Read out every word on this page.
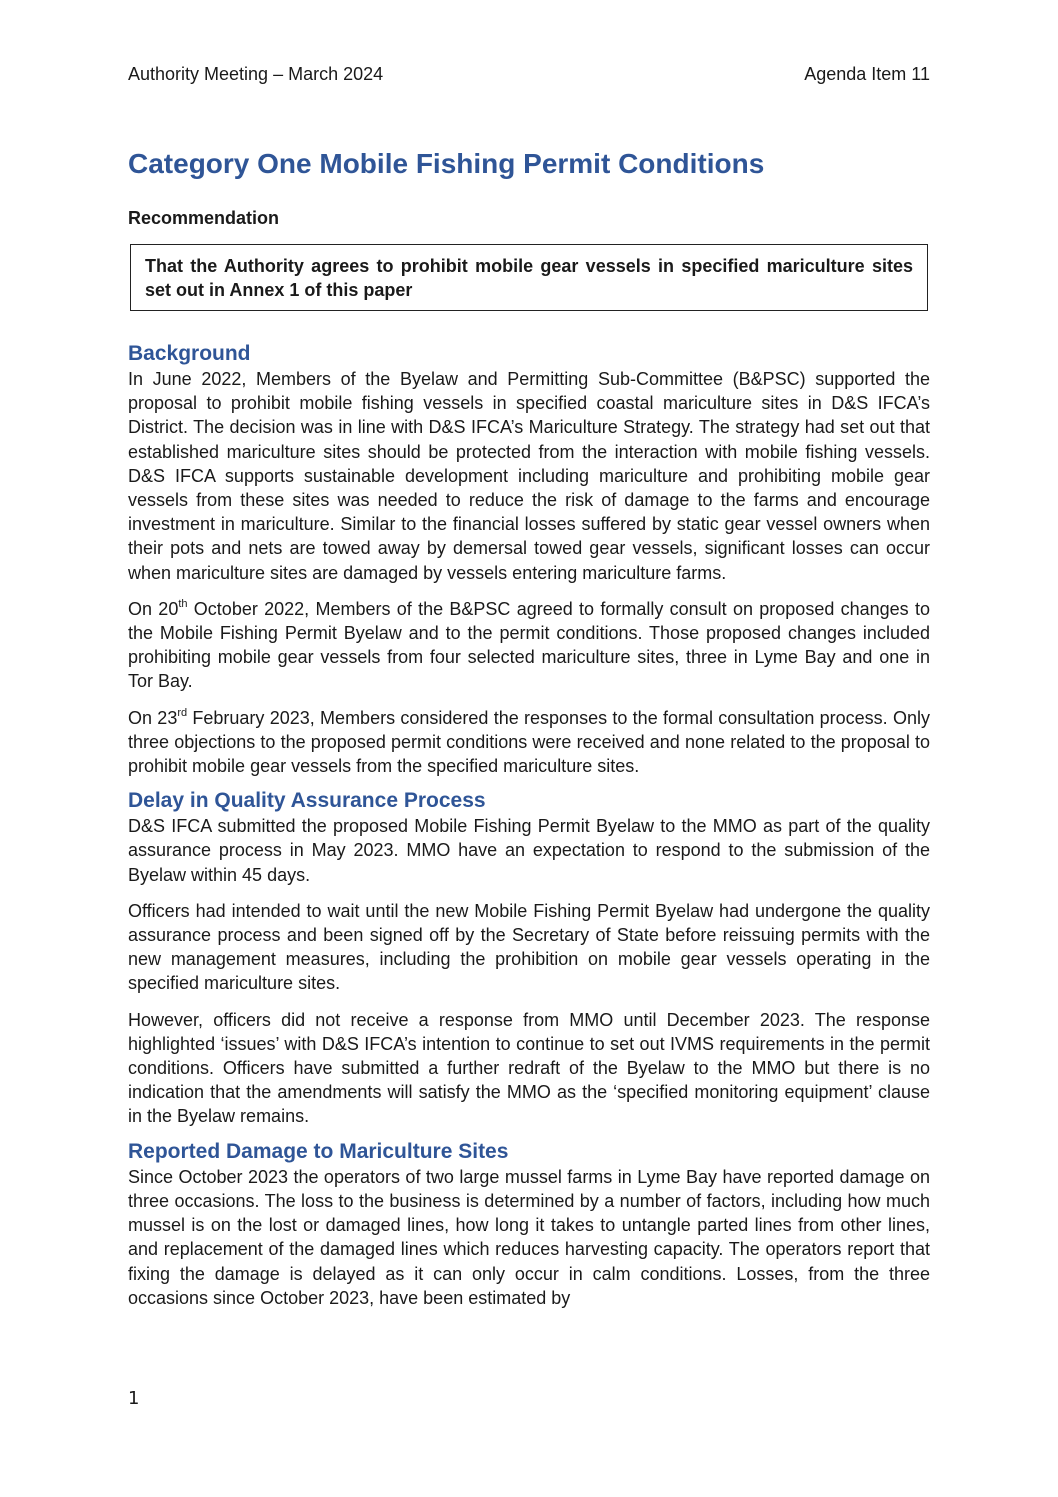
Authority Meeting – March 2024	Agenda Item 11
Category One Mobile Fishing Permit Conditions
Recommendation
That the Authority agrees to prohibit mobile gear vessels in specified mariculture sites set out in Annex 1 of this paper
Background

In June 2022, Members of the Byelaw and Permitting Sub-Committee (B&PSC) supported the proposal to prohibit mobile fishing vessels in specified coastal mariculture sites in D&S IFCA’s District. The decision was in line with D&S IFCA’s Mariculture Strategy. The strategy had set out that established mariculture sites should be protected from the interaction with mobile fishing vessels. D&S IFCA supports sustainable development including mariculture and prohibiting mobile gear vessels from these sites was needed to reduce the risk of damage to the farms and encourage investment in mariculture. Similar to the financial losses suffered by static gear vessel owners when their pots and nets are towed away by demersal towed gear vessels, significant losses can occur when mariculture sites are damaged by vessels entering mariculture farms.

On 20th October 2022, Members of the B&PSC agreed to formally consult on proposed changes to the Mobile Fishing Permit Byelaw and to the permit conditions. Those proposed changes included prohibiting mobile gear vessels from four selected mariculture sites, three in Lyme Bay and one in Tor Bay.

On 23rd February 2023, Members considered the responses to the formal consultation process. Only three objections to the proposed permit conditions were received and none related to the proposal to prohibit mobile gear vessels from the specified mariculture sites.

Delay in Quality Assurance Process

D&S IFCA submitted the proposed Mobile Fishing Permit Byelaw to the MMO as part of the quality assurance process in May 2023. MMO have an expectation to respond to the submission of the Byelaw within 45 days.

Officers had intended to wait until the new Mobile Fishing Permit Byelaw had undergone the quality assurance process and been signed off by the Secretary of State before reissuing permits with the new management measures, including the prohibition on mobile gear vessels operating in the specified mariculture sites.

However, officers did not receive a response from MMO until December 2023. The response highlighted ‘issues’ with D&S IFCA’s intention to continue to set out IVMS requirements in the permit conditions. Officers have submitted a further redraft of the Byelaw to the MMO but there is no indication that the amendments will satisfy the MMO as the ‘specified monitoring equipment’ clause in the Byelaw remains.

Reported Damage to Mariculture Sites

Since October 2023 the operators of two large mussel farms in Lyme Bay have reported damage on three occasions. The loss to the business is determined by a number of factors, including how much mussel is on the lost or damaged lines, how long it takes to untangle parted lines from other lines, and replacement of the damaged lines which reduces harvesting capacity. The operators report that fixing the damage is delayed as it can only occur in calm conditions. Losses, from the three occasions since October 2023, have been estimated by

1
